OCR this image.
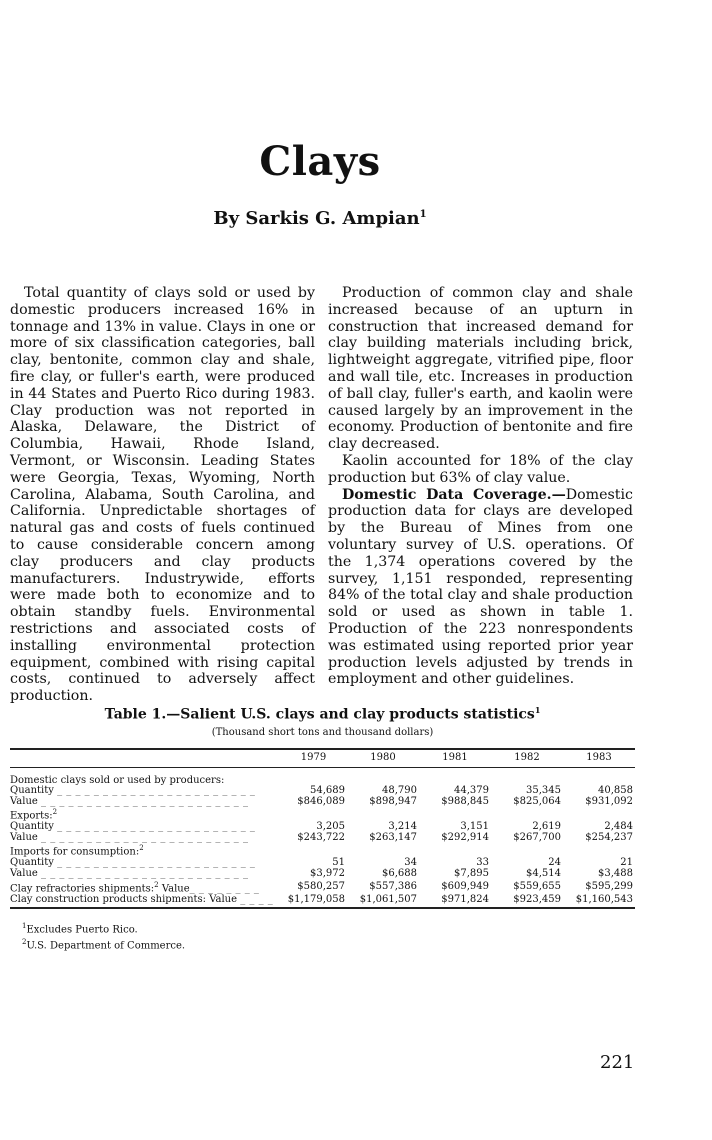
Clays
By Sarkis G. Ampian$^1$

Total quantity of clays sold or used by domestic producers increased 16% in tonnage and 13% in value. Clays in one or more of six classification categories, ball clay, bentonite, common clay and shale, fire clay, or fuller's earth, were produced in 44 States and Puerto Rico during 1983. Clay production was not reported in Alaska, Delaware, the District of Columbia, Hawaii, Rhode Island, Vermont, or Wisconsin. Leading States were Georgia, Texas, Wyoming, North Carolina, Alabama, South Carolina, and California. Unpredictable shortages of natural gas and costs of fuels continued to cause considerable concern among clay producers and clay products manufacturers. Industrywide, efforts were made both to economize and to obtain standby fuels. Environmental restrictions and associated costs of installing environmental protection equipment, combined with rising capital costs, continued to adversely affect production.

Production of common clay and shale increased because of an upturn in construction that increased demand for clay building materials including brick, lightweight aggregate, vitrified pipe, floor and wall tile, etc. Increases in production of ball clay, fuller's earth, and kaolin were caused largely by an improvement in the economy. Production of bentonite and fire clay decreased.

Kaolin accounted for 18% of the clay production but 63% of clay value.

Domestic Data Coverage.—Domestic production data for clays are developed by the Bureau of Mines from one voluntary survey of U.S. operations. Of the 1,374 operations covered by the survey, 1,151 responded, representing 84% of the total clay and shale production sold or used as shown in table 1. Production of the 223 nonrespondents was estimated using reported prior year production levels adjusted by trends in employment and other guidelines.

Table 1.—Salient U.S. clays and clay products statistics$^1$
(Thousand short tons and thousand dollars)
	1979	1980	1981	1982	1983
Domestic clays sold or used by producers:					
Quantity _ _ _ _ _ _ _ _ _ _ _ _ _ _ _ _ _ _ _ _ _ _	54,689	48,790	44,379	35,345	40,858
Value _ _ _ _ _ _ _ _ _ _ _ _ _ _ _ _ _ _ _ _ _ _ _	$846,089	$898,947	$988,845	$825,064	$931,092
Exports:$^2$
Quantity _ _ _ _ _ _ _ _ _ _ _ _ _ _ _ _ _ _ _ _ _ _	3,205	3,214	3,151	2,619	2,484
Value _ _ _ _ _ _ _ _ _ _ _ _ _ _ _ _ _ _ _ _ _ _ _	$243,722	$263,147	$292,914	$267,700	$254,237
Imports for consumption:$^2$
Quantity _ _ _ _ _ _ _ _ _ _ _ _ _ _ _ _ _ _ _ _ _ _	51	34	33	24	21
Value _ _ _ _ _ _ _ _ _ _ _ _ _ _ _ _ _ _ _ _ _ _ _	$3,972	$6,688	$7,895	$4,514	$3,488
Clay refractories shipments:$^2$ Value_ _ _ _ _ _ _ _	$580,257	$557,386	$609,949	$559,655	$595,299
Clay construction products shipments: Value _ _ _ _	$1,179,058	$1,061,507	$971,824	$923,459	$1,160,543
$^1$Excludes Puerto Rico.
$^2$U.S. Department of Commerce.
221
